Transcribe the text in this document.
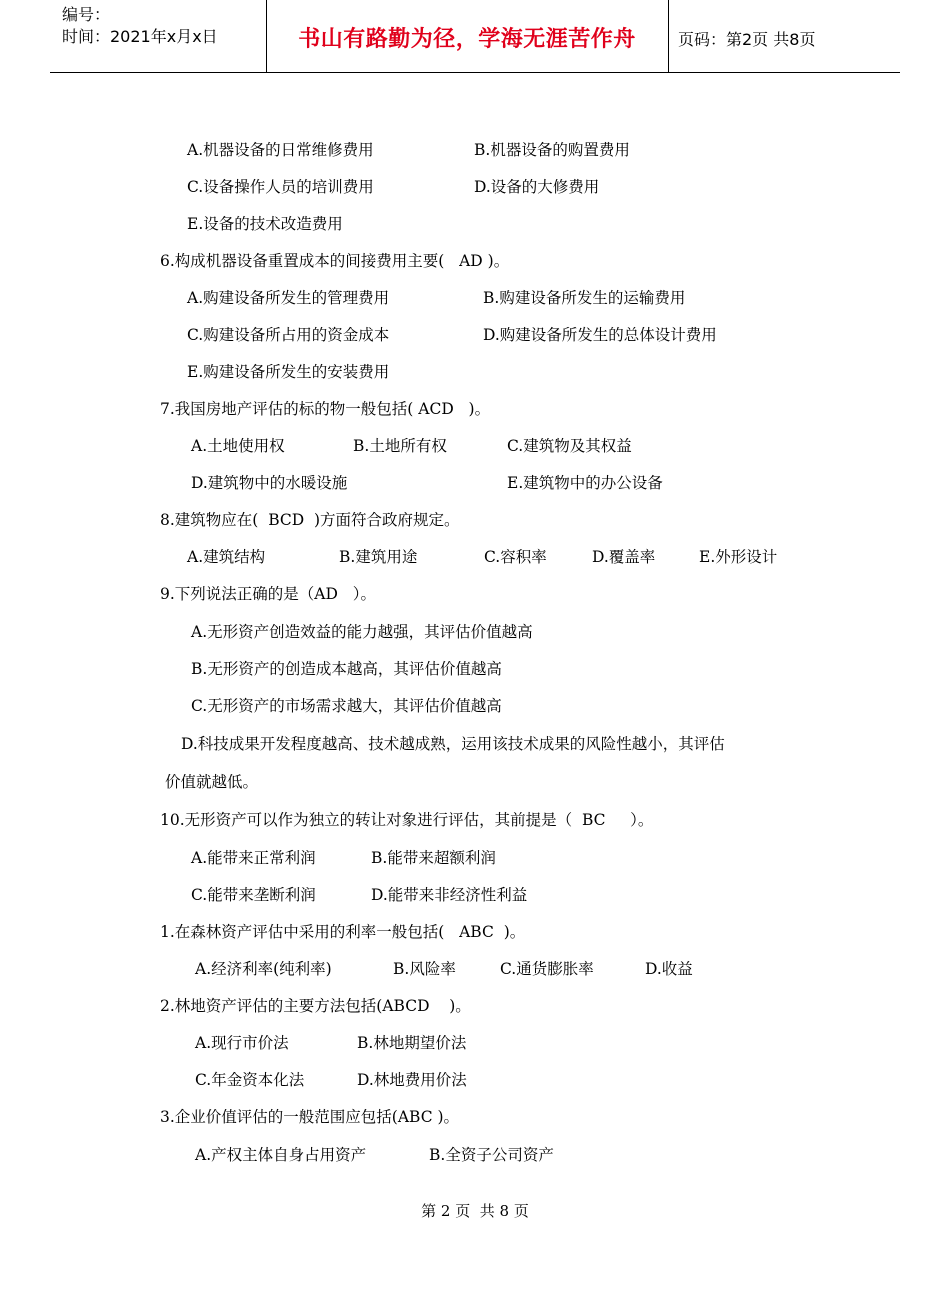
编号：
时间：2021年x月x日	书山有路勤为径，学海无涯苦作舟	页码：第2页 共8页
A.机器设备的日常维修费用	B.机器设备的购置费用
C.设备操作人员的培训费用	D.设备的大修费用
E.设备的技术改造费用
6.构成机器设备重置成本的间接费用主要(   AD )。
A.购建设备所发生的管理费用	B.购建设备所发生的运输费用
C.购建设备所占用的资金成本	D.购建设备所发生的总体设计费用
E.购建设备所发生的安装费用
7.我国房地产评估的标的物一般包括( ACD   )。
A.土地使用权	B.土地所有权	C.建筑物及其权益
D.建筑物中的水暖设施	E.建筑物中的办公设备
8.建筑物应在(  BCD  )方面符合政府规定。
A.建筑结构	B.建筑用途	C.容积率	D.覆盖率	E.外形设计
9.下列说法正确的是（AD   ）。
A.无形资产创造效益的能力越强，其评估价值越高
B.无形资产的创造成本越高，其评估价值越高
C.无形资产的市场需求越大，其评估价值越高
D.科技成果开发程度越高、技术越成熟，运用该技术成果的风险性越小，其评估
价值就越低。
10.无形资产可以作为独立的转让对象进行评估，其前提是（  BC     ）。
A.能带来正常利润	B.能带来超额利润
C.能带来垄断利润	D.能带来非经济性利益
1.在森林资产评估中采用的利率一般包括(   ABC  )。
A.经济利率(纯利率)	B.风险率	C.通货膨胀率	D.收益
2.林地资产评估的主要方法包括(ABCD    )。
A.现行市价法	B.林地期望价法
C.年金资本化法	D.林地费用价法
3.企业价值评估的一般范围应包括(ABC )。
A.产权主体自身占用资产	B.全资子公司资产
第 2 页  共 8 页
